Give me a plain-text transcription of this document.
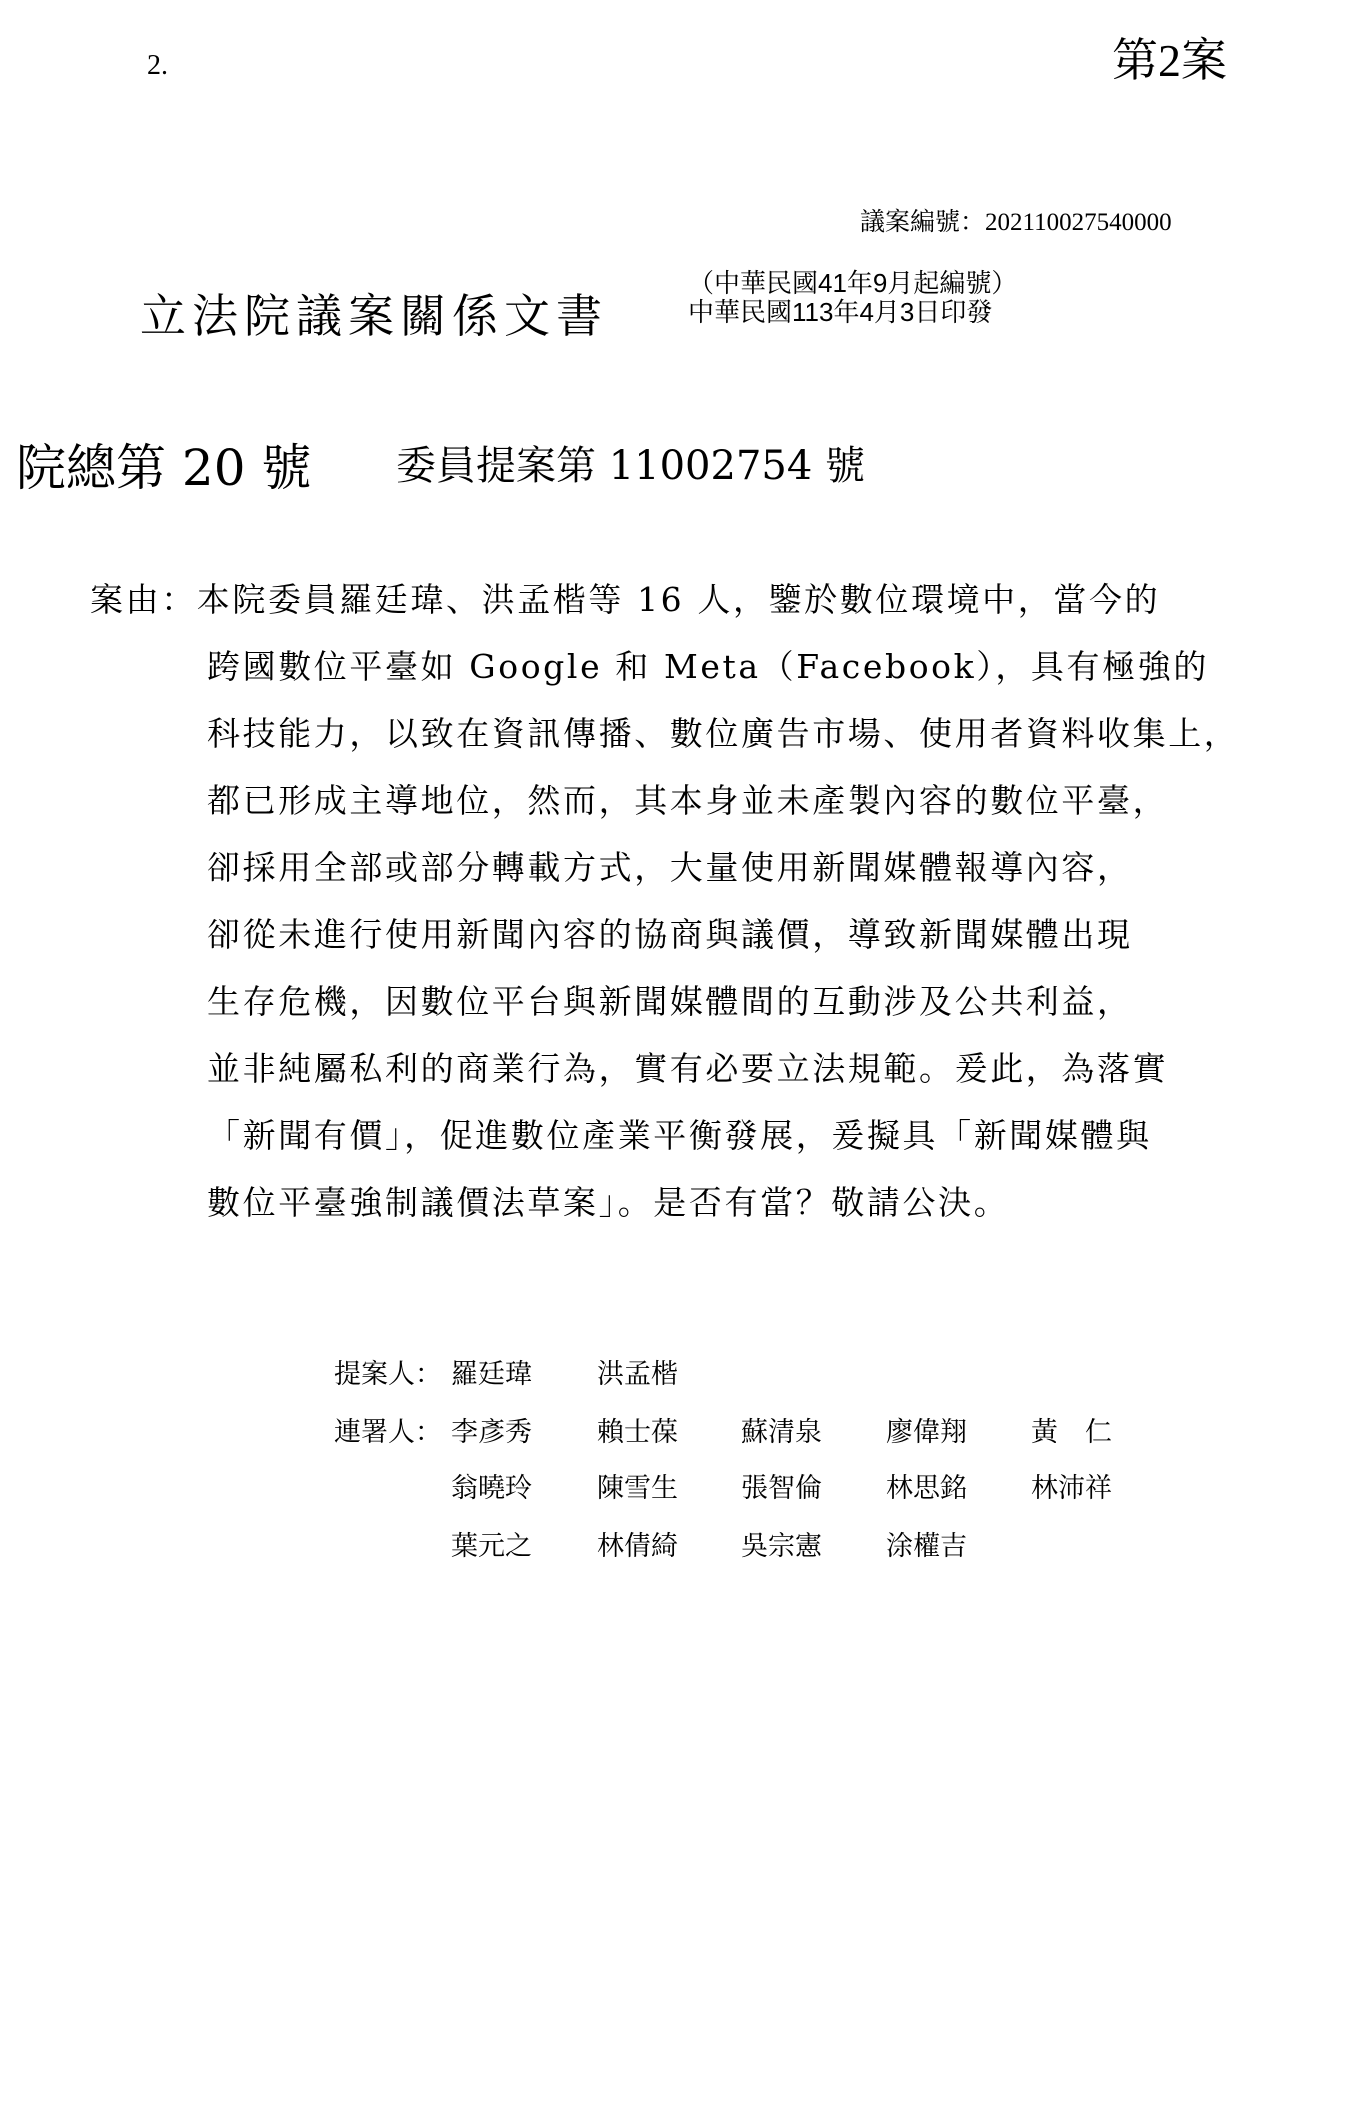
2.	第2案
議案編號：202110027540000
立法院議案關係文書
（中華民國41年9月起編號）
中華民國113年4月3日印發
院總第 20 號 委員提案第 11002754 號
案由：本院委員羅廷瑋、洪孟楷等 16 人，鑒於數位環境中，當今的
跨國數位平臺如 Google 和 Meta（Facebook），具有極強的
科技能力，以致在資訊傳播、數位廣告市場、使用者資料收集上，
都已形成主導地位，然而，其本身並未產製內容的數位平臺，
卻採用全部或部分轉載方式，大量使用新聞媒體報導內容，
卻從未進行使用新聞內容的協商與議價，導致新聞媒體出現
生存危機，因數位平台與新聞媒體間的互動涉及公共利益，
並非純屬私利的商業行為，實有必要立法規範。爰此，為落實
「新聞有價」，促進數位產業平衡發展，爰擬具「新聞媒體與
數位平臺強制議價法草案」。是否有當？敬請公決。
提案人： 羅廷瑋 洪孟楷
連署人： 李彥秀 賴士葆 蘇清泉 廖偉翔 黃　仁
翁曉玲 陳雪生 張智倫 林思銘 林沛祥
葉元之 林倩綺 吳宗憲 涂權吉
